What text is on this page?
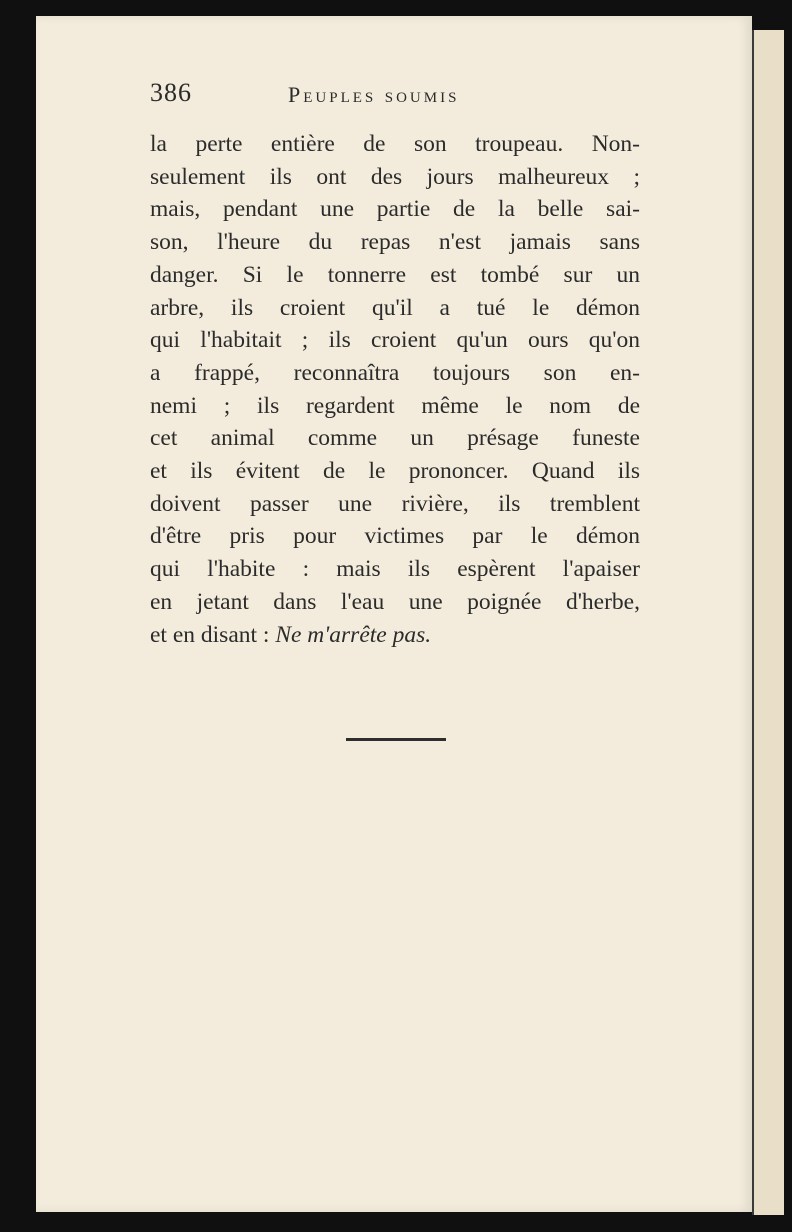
386	Peuples soumis
la perte entière de son troupeau. Non-
seulement ils ont des jours malheureux ;
mais, pendant une partie de la belle sai-
son, l'heure du repas n'est jamais sans
danger. Si le tonnerre est tombé sur un
arbre, ils croient qu'il a tué le démon
qui l'habitait ; ils croient qu'un ours qu'on
a frappé, reconnaîtra toujours son en-
nemi ; ils regardent même le nom de
cet animal comme un présage funeste
et ils évitent de le prononcer. Quand ils
doivent passer une rivière, ils tremblent
d'être pris pour victimes par le démon
qui l'habite : mais ils espèrent l'apaiser
en jetant dans l'eau une poignée d'herbe,
et en disant : Ne m'arrête pas.
